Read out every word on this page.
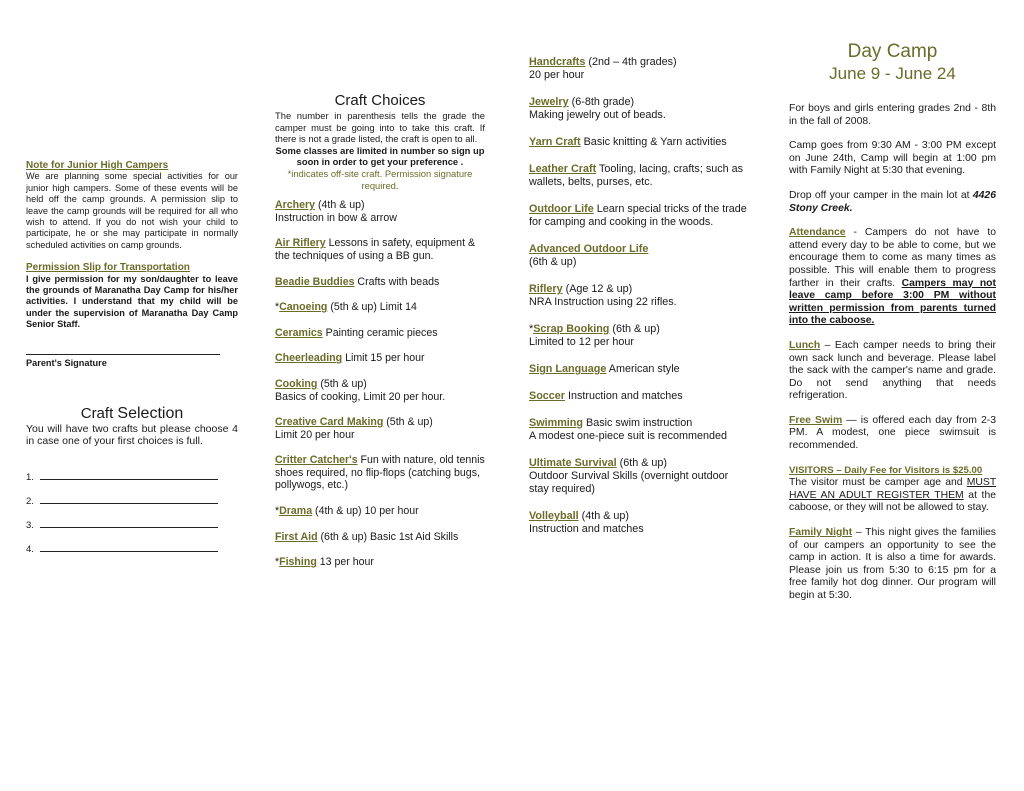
Note for Junior High Campers

We are planning some special activities for our junior high campers. Some of these events will be held off the camp grounds. A permission slip to leave the camp grounds will be required for all who wish to attend. If you do not wish your child to participate, he or she may participate in normally scheduled activities on camp grounds.

Permission Slip for Transportation

I give permission for my son/daughter to leave the grounds of Maranatha Day Camp for his/her activities. I understand that my child will be under the supervision of Maranatha Day Camp Senior Staff.

Parent's Signature

Craft Selection

You will have two crafts but please choose 4 in case one of your first choices is full.

1.
2.
3.
4.

Craft Choices

The number in parenthesis tells the grade the camper must be going into to take this craft. If there is not a grade listed, the craft is open to all.

Some classes are limited in number so sign up soon in order to get your preference .

*indicates off-site craft. Permission signature required.

Archery (4th & up)

Instruction in bow & arrow

Air Riflery Lessons in safety, equipment & the techniques of using a BB gun.

Beadie Buddies Crafts with beads

*Canoeing (5th & up) Limit 14

Ceramics Painting ceramic pieces

Cheerleading Limit 15 per hour

Cooking (5th & up)

Basics of cooking, Limit 20 per hour.

Creative Card Making (5th & up)

Limit 20 per hour

Critter Catcher's Fun with nature, old tennis shoes required, no flip-flops (catching bugs, pollywogs, etc.)

*Drama (4th & up) 10 per hour

First Aid (6th & up) Basic 1st Aid Skills

*Fishing 13 per hour

Handcrafts (2nd – 4th grades)

20 per hour

Jewelry (6-8th grade)

Making jewelry out of beads.

Yarn Craft Basic knitting & Yarn activities

Leather Craft Tooling, lacing, crafts; such as wallets, belts, purses, etc.

Outdoor Life Learn special tricks of the trade for camping and cooking in the woods.

Advanced Outdoor Life

(6th & up)

Riflery (Age 12 & up)

NRA Instruction using 22 rifles.

*Scrap Booking (6th & up)

Limited to 12 per hour

Sign Language American style

Soccer Instruction and matches

Swimming Basic swim instruction

A modest one-piece suit is recommended

Ultimate Survival (6th & up)

Outdoor Survival Skills (overnight outdoor stay required)

Volleyball (4th & up)

Instruction and matches

Day Camp

June 9 - June 24

For boys and girls entering grades 2nd - 8th in the fall of 2008.

Camp goes from 9:30 AM - 3:00 PM except on June 24th, Camp will begin at 1:00 pm with Family Night at 5:30 that evening.

Drop off your camper in the main lot at 4426 Stony Creek.

Attendance - Campers do not have to attend every day to be able to come, but we encourage them to come as many times as possible. This will enable them to progress farther in their crafts. Campers may not leave camp before 3:00 PM without written permission from parents turned into the caboose.

Lunch – Each camper needs to bring their own sack lunch and beverage. Please label the sack with the camper's name and grade. Do not send anything that needs refrigeration.

Free Swim — is offered each day from 2-3 PM. A modest, one piece swimsuit is recommended.

VISITORS – Daily Fee for Visitors is $25.00

The visitor must be camper age and MUST HAVE AN ADULT REGISTER THEM at the caboose, or they will not be allowed to stay.

Family Night – This night gives the families of our campers an opportunity to see the camp in action. It is also a time for awards. Please join us from 5:30 to 6:15 pm for a free family hot dog dinner. Our program will begin at 5:30.
